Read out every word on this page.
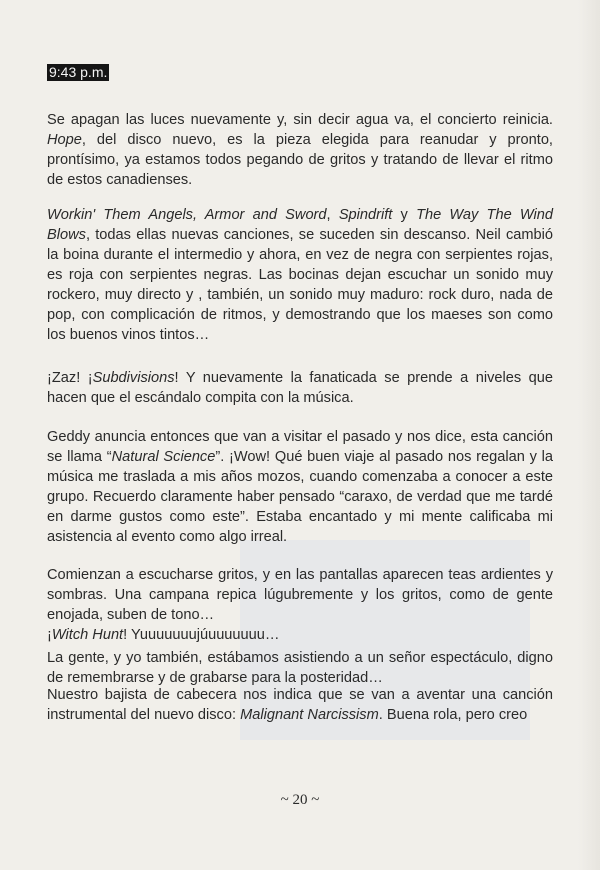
9:43 p.m.

Se apagan las luces nuevamente y, sin decir agua va, el concierto reinicia. Hope, del disco nuevo, es la pieza elegida para reanudar y pronto, prontísimo, ya estamos todos pegando de gritos y tratando de llevar el ritmo de estos canadienses.

Workin' Them Angels, Armor and Sword, Spindrift y The Way The Wind Blows, todas ellas nuevas canciones, se suceden sin descanso. Neil cambió la boina durante el intermedio y ahora, en vez de negra con serpientes rojas, es roja con serpientes negras. Las bocinas dejan escuchar un sonido muy rockero, muy directo y , también, un sonido muy maduro: rock duro, nada de pop, con complicación de ritmos, y demostrando que los maeses son como los buenos vinos tintos…

¡Zaz! ¡Subdivisions! Y nuevamente la fanaticada se prende a niveles que hacen que el escándalo compita con la música.

Geddy anuncia entonces que van a visitar el pasado y nos dice, esta canción se llama “Natural Science”. ¡Wow! Qué buen viaje al pasado nos regalan y la música me traslada a mis años mozos, cuando comenzaba a conocer a este grupo. Recuerdo claramente haber pensado “caraxo, de verdad que me tardé en darme gustos como este”. Estaba encantado y mi mente calificaba mi asistencia al evento como algo irreal.

Comienzan a escucharse gritos, y en las pantallas aparecen teas ardientes y sombras. Una campana repica lúgubremente y los gritos, como de gente enojada, suben de tono…
¡Witch Hunt! Yuuuuuuujúuuuuuuu…

La gente, y yo también, estábamos asistiendo a un señor espectáculo, digno de remembrarse y de grabarse para la posteridad…

Nuestro bajista de cabecera nos indica que se van a aventar una canción instrumental del nuevo disco: Malignant Narcissism. Buena rola, pero creo

~ 20 ~
